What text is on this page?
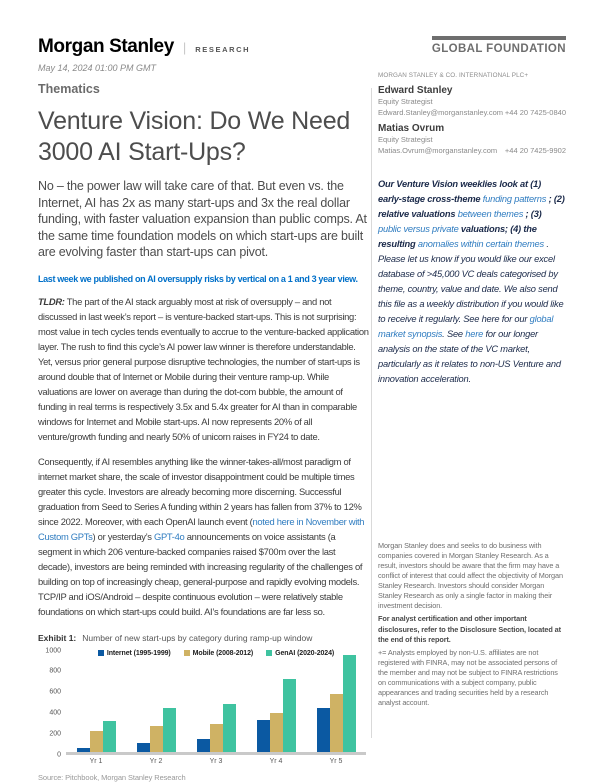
Morgan Stanley | RESEARCH
May 14, 2024 01:00 PM GMT
Thematics
Venture Vision: Do We Need 3000 AI Start-Ups?

No – the power law will take care of that. But even vs. the Internet, AI has 2x as many start-ups and 3x the real dollar funding, with faster valuation expansion than public comps. At the same time foundation models on which start-ups are built are evolving faster than start-ups can pivot.

Last week we published on AI oversupply risks by vertical on a 1 and 3 year view.

TLDR: The part of the AI stack arguably most at risk of oversupply – and not discussed in last week’s report – is venture-backed start-ups. This is not surprising: most value in tech cycles tends eventually to accrue to the venture-backed application layer. The rush to find this cycle’s AI power law winner is therefore understandable. Yet, versus prior general purpose disruptive technologies, the number of start-ups is around double that of Internet or Mobile during their venture ramp-up. While valuations are lower on average than during the dot-com bubble, the amount of funding in real terms is respectively 3.5x and 5.4x greater for AI than in comparable windows for Internet and Mobile start-ups. AI now represents 20% of all venture/growth funding and nearly 50% of unicorn raises in FY24 to date.

Consequently, if AI resembles anything like the winner-takes-all/most paradigm of internet market share, the scale of investor disappointment could be multiple times greater this cycle. Investors are already becoming more discerning. Successful graduation from Seed to Series A funding within 2 years has fallen from 37% to 12% since 2022. Moreover, with each OpenAI launch event (noted here in November with Custom GPTs) or yesterday’s GPT-4o announcements on voice assistants (a segment in which 206 venture-backed companies raised $700m over the last decade), investors are being reminded with increasing regularity of the challenges of building on top of increasingly cheap, general-purpose and rapidly evolving models. TCP/IP and iOS/Android – despite continuous evolution – were relatively stable foundations on which start-ups could build. AI’s foundations are far less so.

Exhibit 1: Number of new start-ups by category during ramp-up window
0
200
400
600
800
1000	Internet (1995-1999)	Mobile (2008-2012)	GenAI (2020-2024)
Yr 1	Yr 2	Yr 3	Yr 4	Yr 5
Source: Pitchbook, Morgan Stanley Research
GLOBAL FOUNDATION
MORGAN STANLEY & CO. INTERNATIONAL PLC+
Edward Stanley
Equity Strategist
Edward.Stanley@morganstanley.com +44 20 7425-0840
Matias Ovrum
Equity Strategist
Matias.Ovrum@morganstanley.com +44 20 7425-9902
Our Venture Vision weeklies look at (1) early-stage cross-theme funding patterns ; (2) relative valuations between themes ; (3) public versus private valuations; (4) the resulting anomalies within certain themes . Please let us know if you would like our excel database of >45,000 VC deals categorised by theme, country, value and date. We also send this file as a weekly distribution if you would like to receive it regularly. See here for our global market synopsis. See here for our longer analysis on the state of the VC market, particularly as it relates to non-US Venture and innovation acceleration.

Morgan Stanley does and seeks to do business with companies covered in Morgan Stanley Research. As a result, investors should be aware that the firm may have a conflict of interest that could affect the objectivity of Morgan Stanley Research. Investors should consider Morgan Stanley Research as only a single factor in making their investment decision.

For analyst certification and other important disclosures, refer to the Disclosure Section, located at the end of this report.

+= Analysts employed by non-U.S. affiliates are not registered with FINRA, may not be associated persons of the member and may not be subject to FINRA restrictions on communications with a subject company, public appearances and trading securities held by a research analyst account.
